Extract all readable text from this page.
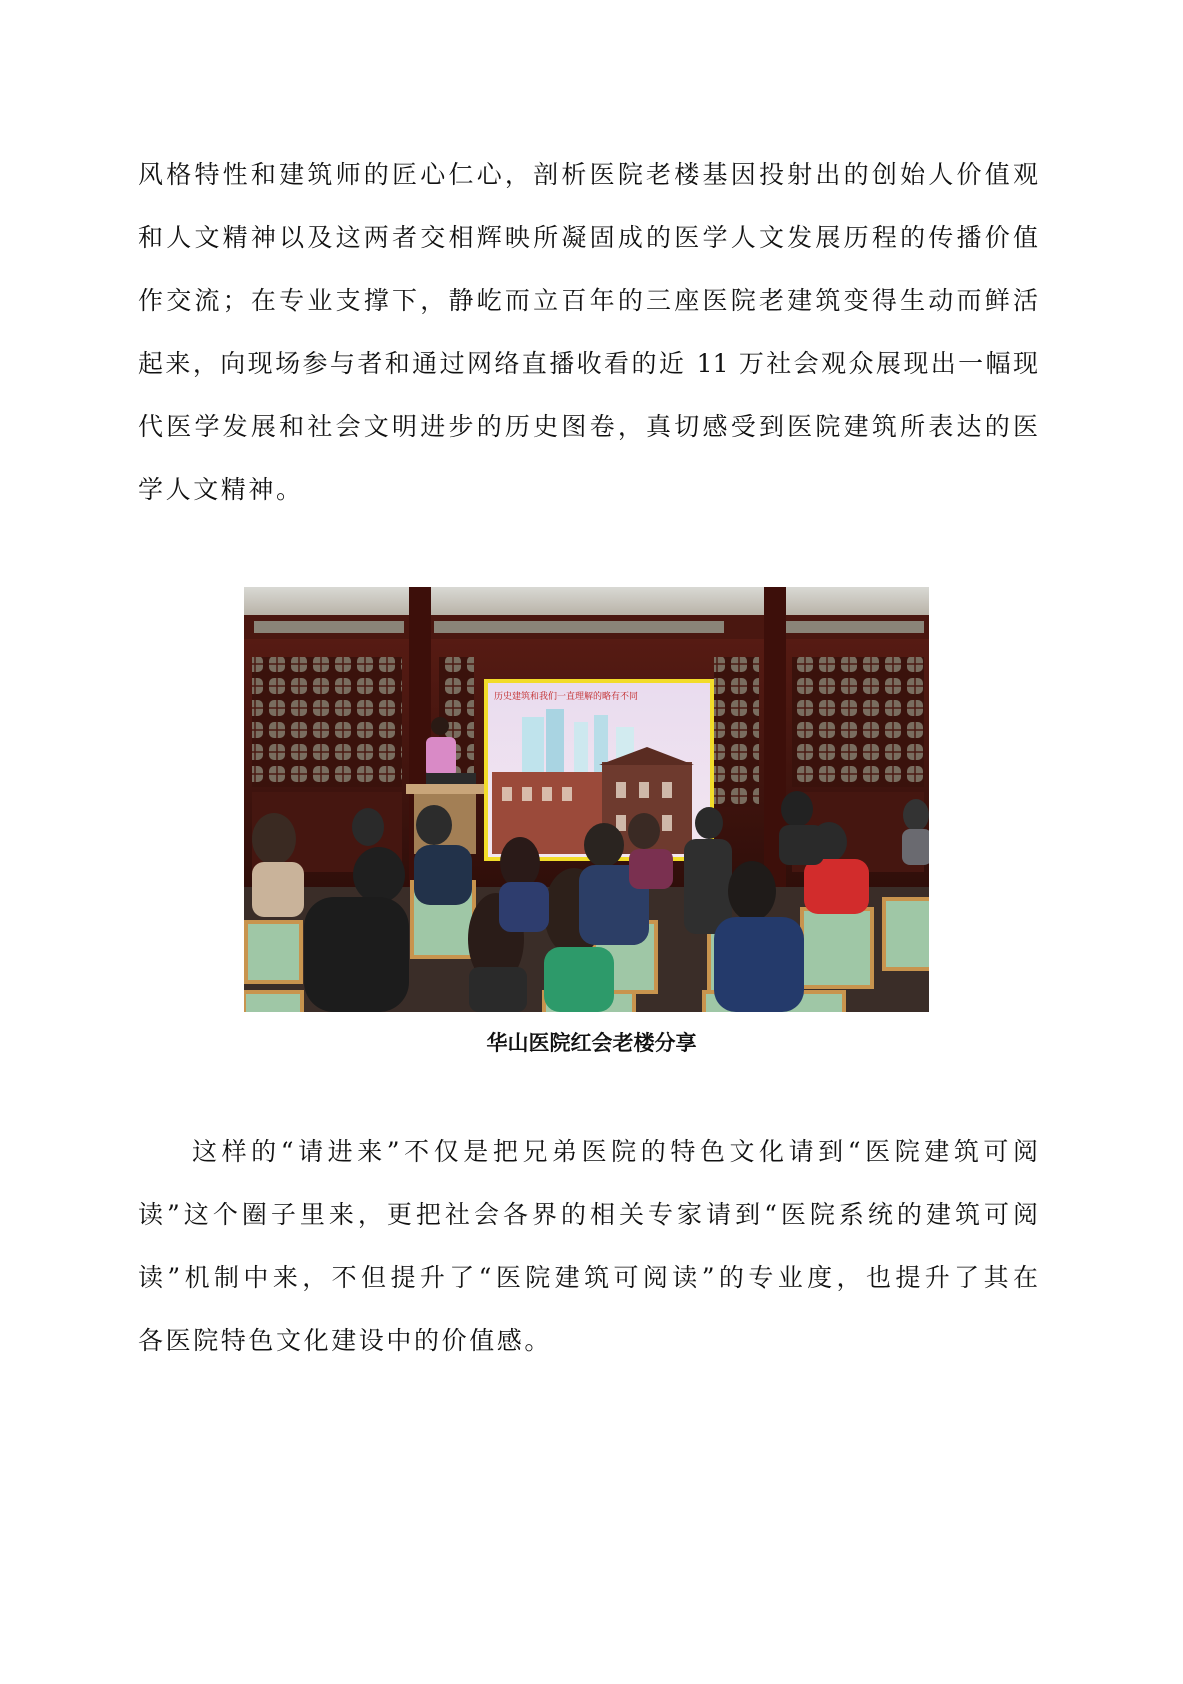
风格特性和建筑师的匠心仁心，剖析医院老楼基因投射出的创始人价值观
和人文精神以及这两者交相辉映所凝固成的医学人文发展历程的传播价值
作交流；在专业支撑下，静屹而立百年的三座医院老建筑变得生动而鲜活
起来，向现场参与者和通过网络直播收看的近 11 万社会观众展现出一幅现
代医学发展和社会文明进步的历史图卷，真切感受到医院建筑所表达的医
学人文精神。
历史建筑和我们一直理解的略有不同
华山医院红会老楼分享
这样的“请进来”不仅是把兄弟医院的特色文化请到“医院建筑可阅
读”这个圈子里来，更把社会各界的相关专家请到“医院系统的建筑可阅
读”机制中来，不但提升了“医院建筑可阅读”的专业度，也提升了其在
各医院特色文化建设中的价值感。
